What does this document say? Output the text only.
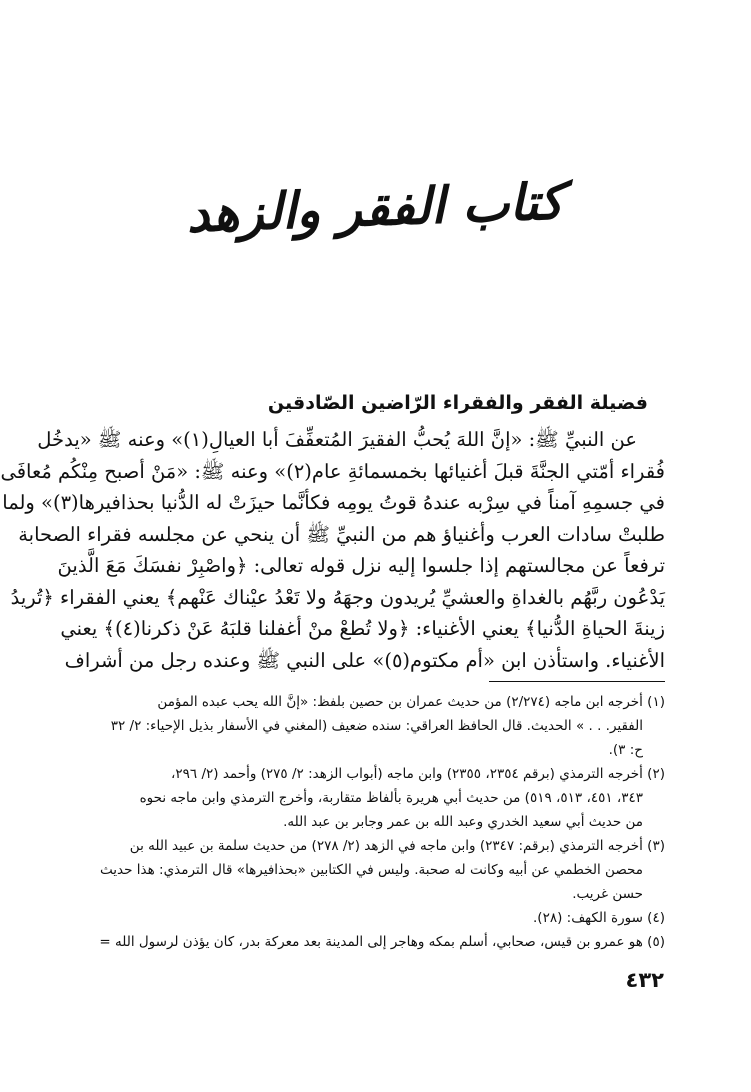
كتاب الفقر والزهد
فضيلة الفقر والفقراء الرّاضين الصّادقين
عن النبيِّ ﷺ: «إنَّ اللهَ يُحبُّ الفقيرَ المُتعفِّفَ أبا العيالِ(١)» وعنه ﷺ «يدخُل
فُقراء أمّتي الجنَّةَ قبلَ أغنيائها بخمسمائةِ عام(٢)» وعنه ﷺ: «مَنْ أصبح مِنْكُم مُعافَى
في جسمِهِ آمناً في سِرْبه عندهُ قوتُ يومِه فكأنَّما حيزَتْ له الدُّنيا بحذافيرها(٣)» ولما
طلبتْ سادات العرب وأغنياؤ هم من النبيِّ ﷺ أن ينحي عن مجلسه فقراء الصحابة
ترفعاً عن مجالستهم إذا جلسوا إليه نزل قوله تعالى: ﴿واصْبِرْ نفسَكَ مَعَ الَّذينَ
يَدْعُون ربَّهُم بالغداةِ والعشيِّ يُريدون وجهَهُ ولا تَعْدُ عيْناك عَنْهم﴾ يعني الفقراء ﴿تُريدُ
زينةَ الحياةِ الدُّنيا﴾ يعني الأغنياء: ﴿ولا تُطعْ منْ أغفلنا قلبَهُ عَنْ ذكرنا(٤)﴾ يعني
الأغنياء. واستأذن ابن «أم مكتوم(٥)» على النبي ﷺ وعنده رجل من أشراف
(١) أخرجه ابن ماجه (٢/٢٧٤) من حديث عمران بن حصين بلفظ: «إنَّ الله يحب عبده المؤمن
الفقير. . . » الحديث. قال الحافظ العراقي: سنده ضعيف (المغني في الأسفار بذيل الإحياء: ٢/ ٣٢
ح: ٣).
(٢) أخرجه الترمذي (برقم ٢٣٥٤، ٢٣٥٥) وابن ماجه (أبواب الزهد: ٢/ ٢٧٥) وأحمد (٢/ ٢٩٦،
٣٤٣، ٤٥١، ٥١٣، ٥١٩) من حديث أبي هريرة بألفاظ متقاربة، وأخرج الترمذي وابن ماجه نحوه
من حديث أبي سعيد الخدري وعبد الله بن عمر وجابر بن عبد الله.
(٣) أخرجه الترمذي (برقم: ٢٣٤٧) وابن ماجه في الزهد (٢/ ٢٧٨) من حديث سلمة بن عبيد الله بن
محصن الخطمي عن أبيه وكانت له صحبة. وليس في الكتابين «بحذافيرها» قال الترمذي: هذا حديث
حسن غريب.
(٤) سورة الكهف: (٢٨).
(٥) هو عمرو بن قيس، صحابي، أسلم بمكه وهاجر إلى المدينة بعد معركة بدر، كان يؤذن لرسول الله =
٤٣٢
